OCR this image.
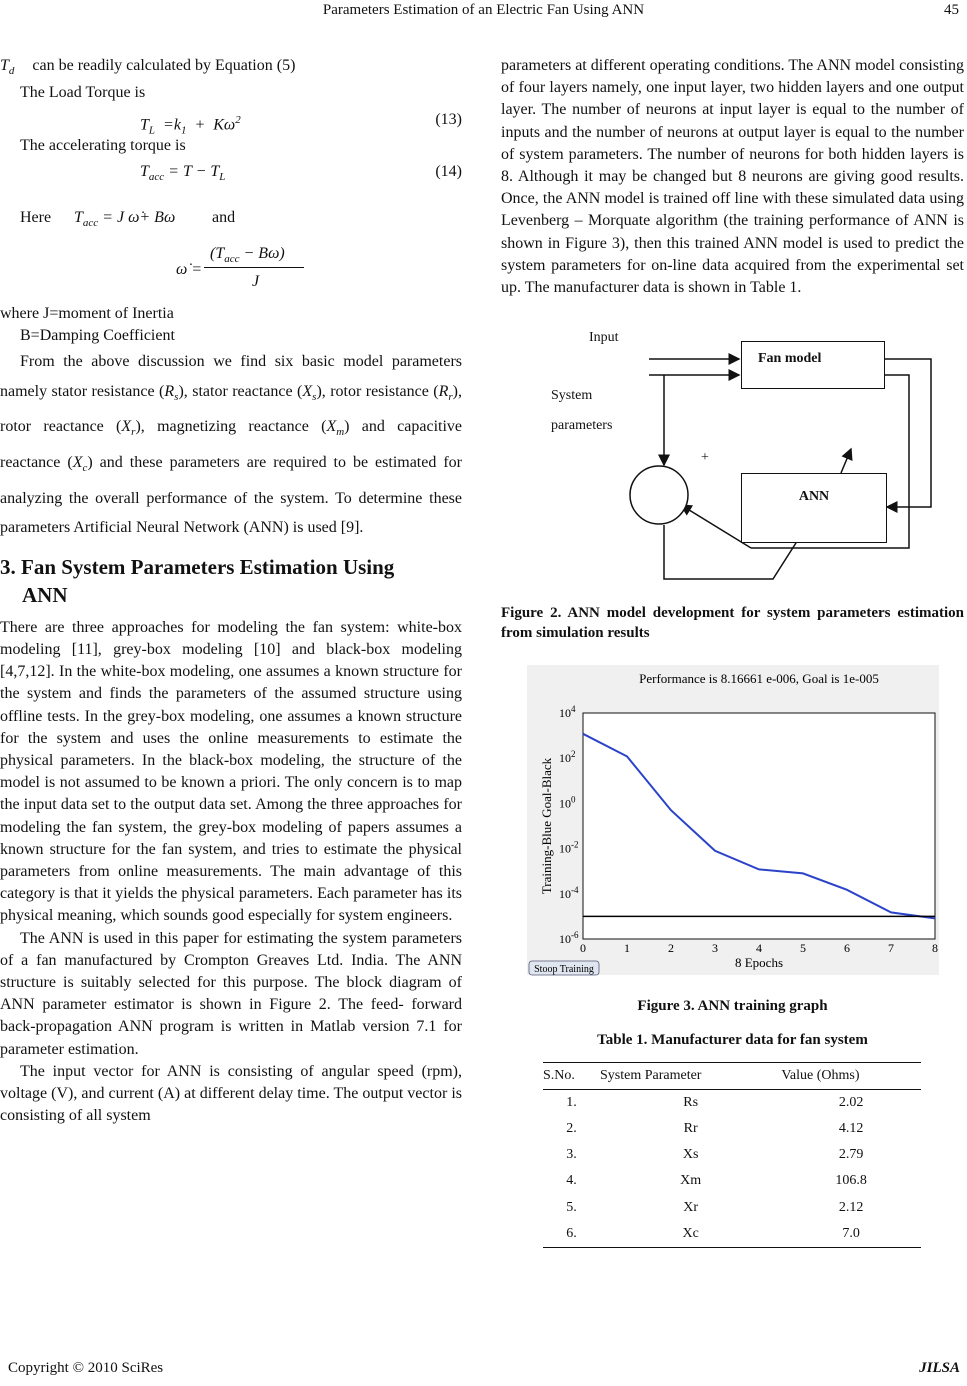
Parameters Estimation of an Electric Fan Using ANN	45

$T_d$ can be readily calculated by Equation (5)

The Load Torque is

$T_L =k_1 + K\omega^2$	(13)

The accelerating torque is

$T_{acc} = T - T_L$	(14)
Here $T_{acc} = J$ ω̇+ Bω and
ω̇ =
$(T_{acc} - B\omega)$
J

where J=moment of Inertia

B=Damping Coefficient

From the above discussion we find six basic model parameters namely stator resistance $(R_s)$, stator reactance $(X_s)$, rotor resistance $(R_r)$, rotor reactance $(X_r)$, magnetizing reactance $(X_m)$ and capacitive reactance $(X_c)$ and these parameters are required to be estimated for analyzing the overall performance of the system. To determine these parameters Artificial Neural Network (ANN) is used [9].

3. Fan System Parameters Estimation Using
ANN

There are three approaches for modeling the fan system: white-box modeling [11], grey-box modeling [10] and black-box modeling [4,7,12]. In the white-box modeling, one assumes a known structure for the system and finds the parameters of the assumed structure using offline tests. In the grey-box modeling, one assumes a known structure for the system and uses the online measurements to estimate the physical parameters. In the black-box modeling, the structure of the model is not assumed to be known a priori. The only concern is to map the input data set to the output data set. Among the three approaches for modeling the fan system, the grey-box modeling of papers assumes a known structure for the fan system, and tries to estimate the physical parameters from online measurements. The main advantage of this category is that it yields the physical parameters. Each parameter has its physical meaning, which sounds good especially for system engineers.

The ANN is used in this paper for estimating the system parameters of a fan manufactured by Crompton Greaves Ltd. India. The ANN structure is suitably selected for this purpose. The block diagram of ANN parameter estimator is shown in Figure 2. The feed- forward back-propagation ANN program is written in Matlab version 7.1 for parameter estimation.

The input vector for ANN is consisting of angular speed (rpm), voltage (V), and current (A) at different delay time. The output vector is consisting of all system

parameters at different operating conditions. The ANN model consisting of four layers namely, one input layer, two hidden layers and one output layer. The number of neurons at input layer is equal to the number of inputs and the number of neurons at output layer is equal to the number of system parameters. The number of neurons for both hidden layers is 8. Although it may be changed but 8 neurons are giving good results. Once, the ANN model is trained off line with these simulated data using Levenberg – Morquate algorithm (the training performance of ANN is shown in Figure 3), then this trained ANN model is used to predict the system parameters for on-line data acquired from the experimental set up. The manufacturer data is shown in Table 1.

Input
System
parameters
Fan model
ANN
+

Figure 2. ANN model development for system parameters estimation from simulation results

Performance is 8.16661 e-006, Goal is 1e-005
8 Epochs
Training-Blue Goal-Black
0	1	2	3	4	5	6	7	8
$10^4$
$10^2$
$10^0$
$10^{-2}$
$10^{-4}$
$10^{-6}$
Stoop Training

Figure 3. ANN training graph

Table 1. Manufacturer data for fan system

S.No.	System Parameter	Value (Ohms)
1.	Rs	2.02
2.	Rr	4.12
3.	Xs	2.79
4.	Xm	106.8
5.	Xr	2.12
6.	Xc	7.0
Copyright © 2010 SciRes	JILSA
